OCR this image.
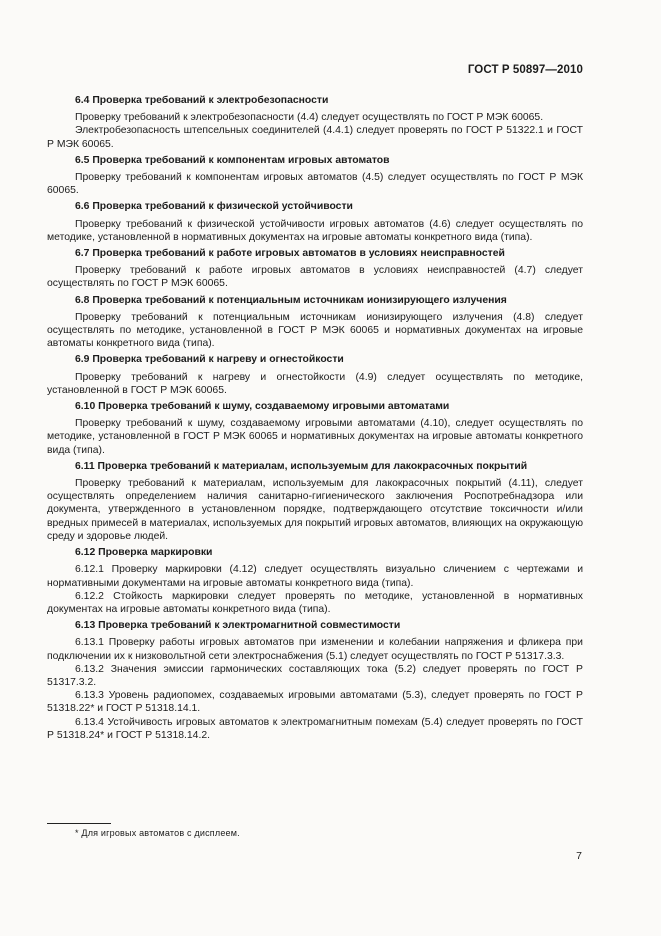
ГОСТ Р 50897—2010
6.4 Проверка требований к электробезопасности

Проверку требований к электробезопасности (4.4) следует осуществлять по ГОСТ Р МЭК 60065.

Электробезопасность штепсельных соединителей (4.4.1) следует проверять по ГОСТ Р 51322.1 и ГОСТ Р МЭК 60065.

6.5 Проверка требований к компонентам игровых автоматов

Проверку требований к компонентам игровых автоматов (4.5) следует осуществлять по ГОСТ Р МЭК 60065.

6.6 Проверка требований к физической устойчивости

Проверку требований к физической устойчивости игровых автоматов (4.6) следует осуществлять по методике, установленной в нормативных документах на игровые автоматы конкретного вида (типа).

6.7 Проверка требований к работе игровых автоматов в условиях неисправностей

Проверку требований к работе игровых автоматов в условиях неисправностей (4.7) следует осуществлять по ГОСТ Р МЭК 60065.

6.8 Проверка требований к потенциальным источникам ионизирующего излучения

Проверку требований к потенциальным источникам ионизирующего излучения (4.8) следует осуществлять по методике, установленной в ГОСТ Р МЭК 60065 и нормативных документах на игровые автоматы конкретного вида (типа).

6.9 Проверка требований к нагреву и огнестойкости

Проверку требований к нагреву и огнестойкости (4.9) следует осуществлять по методике, установленной в ГОСТ Р МЭК 60065.

6.10 Проверка требований к шуму, создаваемому игровыми автоматами

Проверку требований к шуму, создаваемому игровыми автоматами (4.10), следует осуществлять по методике, установленной в ГОСТ Р МЭК 60065 и нормативных документах на игровые автоматы конкретного вида (типа).

6.11 Проверка требований к материалам, используемым для лакокрасочных покрытий

Проверку требований к материалам, используемым для лакокрасочных покрытий (4.11), следует осуществлять определением наличия санитарно-гигиенического заключения Роспотребнадзора или документа, утвержденного в установленном порядке, подтверждающего отсутствие токсичности и/или вредных примесей в материалах, используемых для покрытий игровых автоматов, влияющих на окружающую среду и здоровье людей.

6.12 Проверка маркировки

6.12.1 Проверку маркировки (4.12) следует осуществлять визуально сличением с чертежами и нормативными документами на игровые автоматы конкретного вида (типа).

6.12.2 Стойкость маркировки следует проверять по методике, установленной в нормативных документах на игровые автоматы конкретного вида (типа).

6.13 Проверка требований к электромагнитной совместимости

6.13.1 Проверку работы игровых автоматов при изменении и колебании напряжения и фликера при подключении их к низковольтной сети электроснабжения (5.1) следует осуществлять по ГОСТ Р 51317.3.3.

6.13.2 Значения эмиссии гармонических составляющих тока (5.2) следует проверять по ГОСТ Р 51317.3.2.

6.13.3 Уровень радиопомех, создаваемых игровыми автоматами (5.3), следует проверять по ГОСТ Р 51318.22* и ГОСТ Р 51318.14.1.

6.13.4 Устойчивость игровых автоматов к электромагнитным помехам (5.4) следует проверять по ГОСТ Р 51318.24* и ГОСТ Р 51318.14.2.

* Для игровых автоматов с дисплеем.
7
